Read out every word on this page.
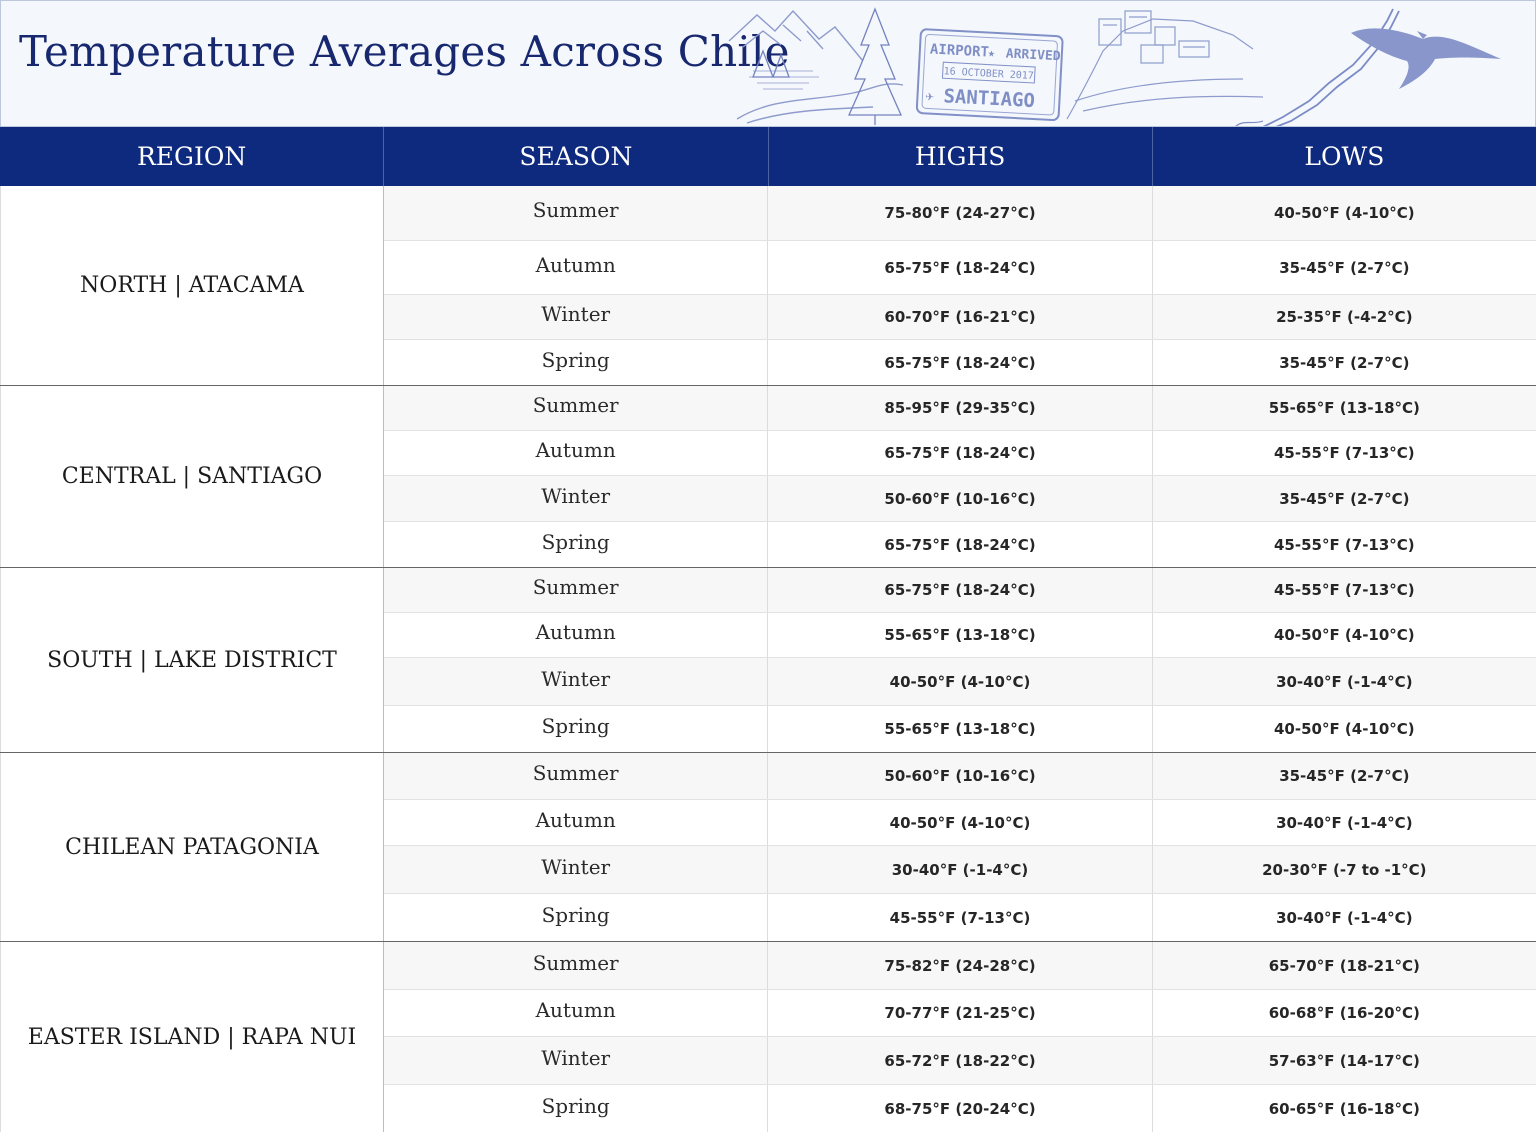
Temperature Averages Across Chile	AIRPORT
★ ARRIVED
16 OCTOBER 2017
✈ SANTIAGO
REGION	SEASON	HIGHS	LOWS
NORTH | ATACAMA
Summer	75-80°F (24-27°C)	40-50°F (4-10°C)
Autumn	65-75°F (18-24°C)	35-45°F (2-7°C)
Winter	60-70°F (16-21°C)	25-35°F (-4-2°C)
Spring	65-75°F (18-24°C)	35-45°F (2-7°C)
CENTRAL | SANTIAGO
Summer	85-95°F (29-35°C)	55-65°F (13-18°C)
Autumn	65-75°F (18-24°C)	45-55°F (7-13°C)
Winter	50-60°F (10-16°C)	35-45°F (2-7°C)
Spring	65-75°F (18-24°C)	45-55°F (7-13°C)
SOUTH | LAKE DISTRICT
Summer	65-75°F (18-24°C)	45-55°F (7-13°C)
Autumn	55-65°F (13-18°C)	40-50°F (4-10°C)
Winter	40-50°F (4-10°C)	30-40°F (-1-4°C)
Spring	55-65°F (13-18°C)	40-50°F (4-10°C)
CHILEAN PATAGONIA
Summer	50-60°F (10-16°C)	35-45°F (2-7°C)
Autumn	40-50°F (4-10°C)	30-40°F (-1-4°C)
Winter	30-40°F (-1-4°C)	20-30°F (-7 to -1°C)
Spring	45-55°F (7-13°C)	30-40°F (-1-4°C)
EASTER ISLAND | RAPA NUI
Summer	75-82°F (24-28°C)	65-70°F (18-21°C)
Autumn	70-77°F (21-25°C)	60-68°F (16-20°C)
Winter	65-72°F (18-22°C)	57-63°F (14-17°C)
Spring	68-75°F (20-24°C)	60-65°F (16-18°C)
